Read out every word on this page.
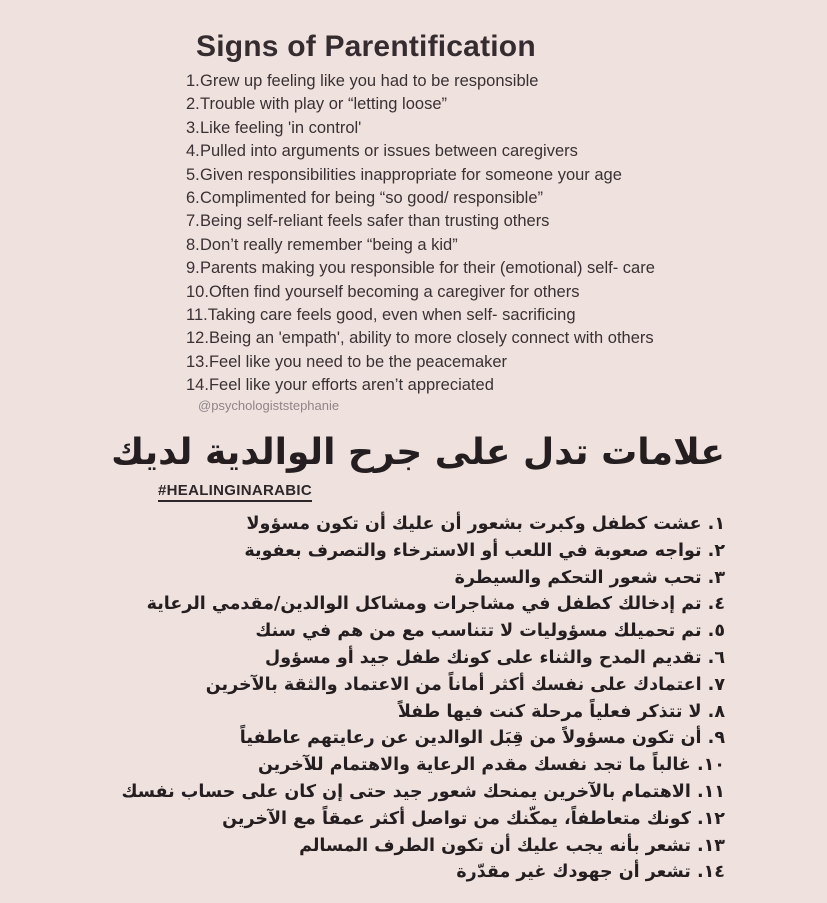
Signs of Parentification
1.Grew up feeling like you had to be responsible
2.Trouble with play or “letting loose”
3.Like feeling 'in control'
4.Pulled into arguments or issues between caregivers
5.Given responsibilities inappropriate for someone your age
6.Complimented for being “so good/ responsible”
7.Being self-reliant feels safer than trusting others
8.Don’t really remember “being a kid”
9.Parents making you responsible for their (emotional) self- care
10.Often find yourself becoming a caregiver for others
11.Taking care feels good, even when self- sacrificing
12.Being an 'empath', ability to more closely connect with others
13.Feel like you need to be the peacemaker
14.Feel like your efforts aren’t appreciated
@psychologiststephanie
علامات تدل على جرح الوالدية لديك
#HEALINGINARABIC
١. عشت كطفل وكبرت بشعور أن عليك أن تكون مسؤولا
٢. تواجه صعوبة في اللعب أو الاسترخاء والتصرف بعفوية
٣. تحب شعور التحكم والسيطرة
٤. تم إدخالك كطفل في مشاجرات ومشاكل الوالدين/مقدمي الرعاية
٥. تم تحميلك مسؤوليات لا تتناسب مع من هم في سنك
٦. تقديم المدح والثناء على كونك طفل جيد أو مسؤول
٧. اعتمادك على نفسك أكثر أماناً من الاعتماد والثقة بالآخرين
٨. لا تتذكر فعلياً مرحلة كنت فيها طفلاً
٩. أن تكون مسؤولاً من قِبَل الوالدين عن رعايتهم عاطفياً
١٠. غالباً ما تجد نفسك مقدم الرعاية والاهتمام للآخرين
١١. الاهتمام بالآخرين يمنحك شعور جيد حتى إن كان على حساب نفسك
١٢. كونك متعاطفاً، يمكّنك من تواصل أكثر عمقاً مع الآخرين
١٣. تشعر بأنه يجب عليك أن تكون الطرف المسالم
١٤. تشعر أن جهودك غير مقدّرة
